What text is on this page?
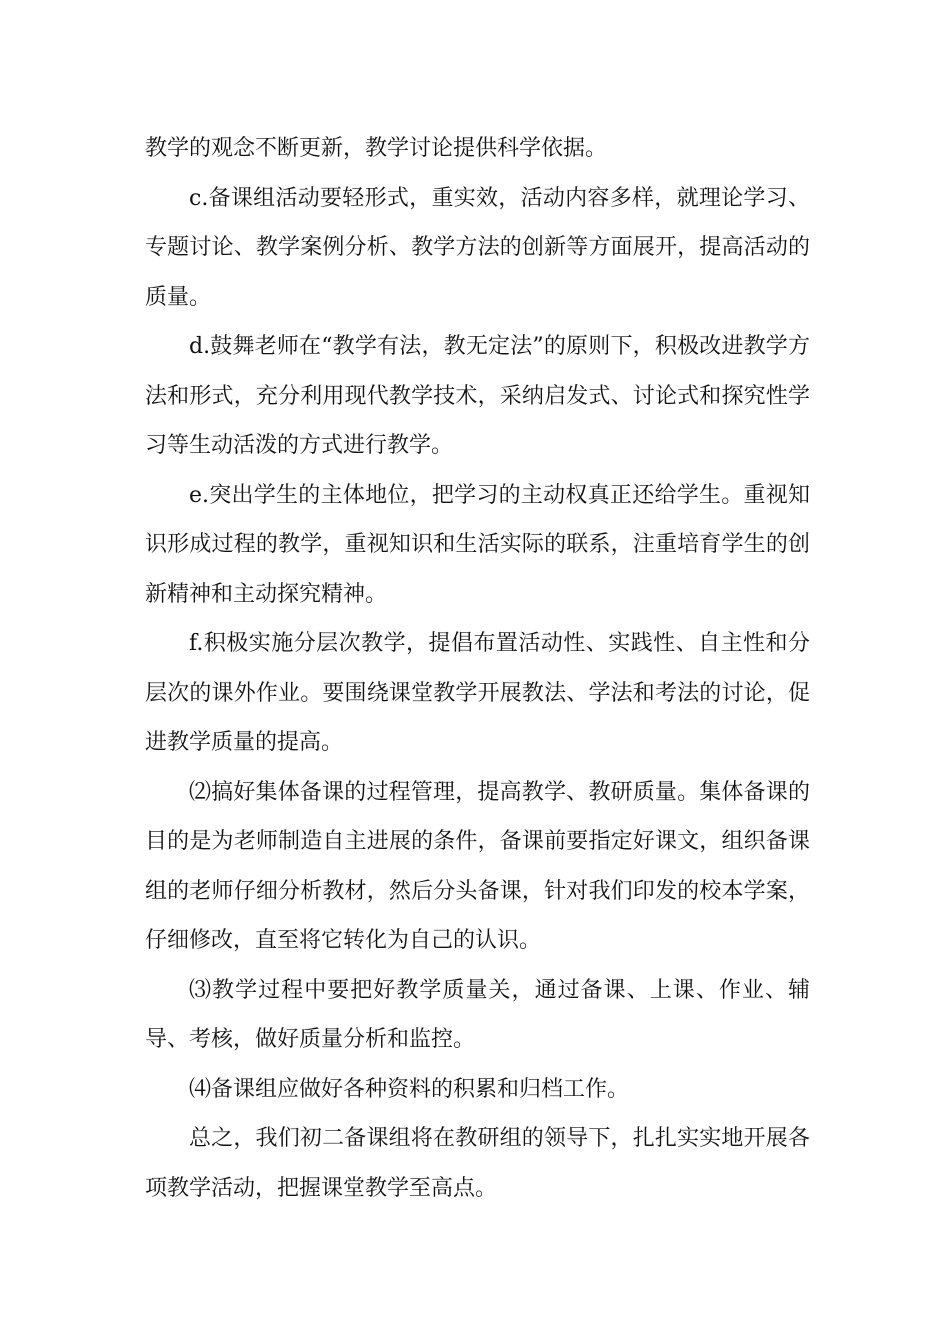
教学的观念不断更新，教学讨论提供科学依据。

c.备课组活动要轻形式，重实效，活动内容多样，就理论学习、专题讨论、教学案例分析、教学方法的创新等方面展开，提高活动的质量。

d.鼓舞老师在“教学有法，教无定法”的原则下，积极改进教学方法和形式，充分利用现代教学技术，采纳启发式、讨论式和探究性学习等生动活泼的方式进行教学。

e.突出学生的主体地位，把学习的主动权真正还给学生。重视知识形成过程的教学，重视知识和生活实际的联系，注重培育学生的创新精神和主动探究精神。

f.积极实施分层次教学，提倡布置活动性、实践性、自主性和分层次的课外作业。要围绕课堂教学开展教法、学法和考法的讨论，促进教学质量的提高。

⑵搞好集体备课的过程管理，提高教学、教研质量。集体备课的目的是为老师制造自主进展的条件，备课前要指定好课文，组织备课组的老师仔细分析教材，然后分头备课，针对我们印发的校本学案，仔细修改，直至将它转化为自己的认识。

⑶教学过程中要把好教学质量关，通过备课、上课、作业、辅导、考核，做好质量分析和监控。

⑷备课组应做好各种资料的积累和归档工作。

总之，我们初二备课组将在教研组的领导下，扎扎实实地开展各项教学活动，把握课堂教学至高点。
